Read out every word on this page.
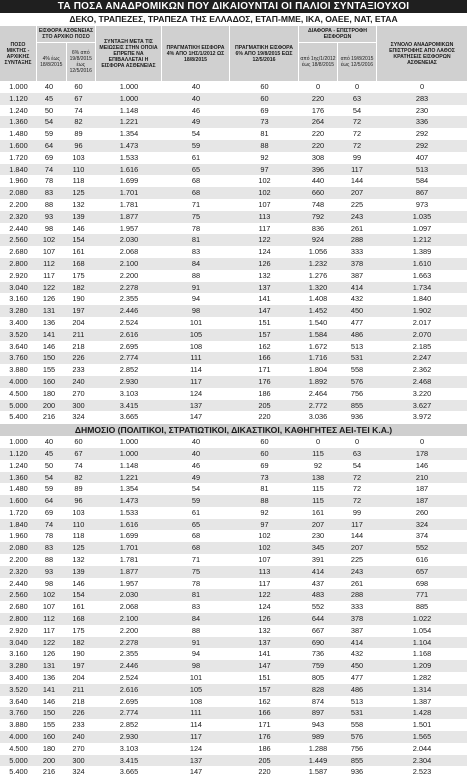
ΤΑ ΠΟΣΑ ΑΝΑΔΡΟΜΙΚΩΝ ΠΟΥ ΔΙΚΑΙΟΥΝΤΑΙ ΟΙ ΠΑΛΙΟΙ ΣΥΝΤΑΞΙΟΥΧΟΙ
ΔΕΚΟ, ΤΡΑΠΕΖΕΣ, ΤΡΑΠΕΖΑ ΤΗΣ ΕΛΛΑΔΟΣ, ΕΤΑΠ-ΜΜΕ, ΙΚΑ, ΟΑΕΕ, ΝΑΤ, ΕΤΑΑ
ΠΟΣΟ ΜΙΚΤΗΣ - ΑΡΧΙΚΗΣ ΣΥΝΤΑΞΗΣ
ΕΙΣΦΟΡΑ ΑΣΘΕΝΕΙΑΣ ΣΤΟ ΑΡΧΙΚΟ ΠΟΣΟ
4% έως 18/8/2015
6% από 19/8/2015 έως 12/5/2016
ΣΥΝΤΑΞΗ ΜΕΤΑ ΤΙΣ ΜΕΙΩΣΕΙΣ ΣΤΗΝ ΟΠΟΙΑ ΕΠΡΕΠΕ ΝΑ ΕΠΙΒΑΛΛΕΤΑΙ Η ΕΙΣΦΟΡΑ ΑΣΘΕΝΕΙΑΣ
ΠΡΑΓΜΑΤΙΚΗ ΕΙΣΦΟΡΑ 4% ΑΠΟ 1ΗΣ/1/2012 ΩΣ 18/8/2015
ΠΡΑΓΜΑΤΙΚΗ ΕΙΣΦΟΡΑ 6% ΑΠΟ 19/8/2015 ΕΩΣ 12/5/2016
ΔΙΑΦΟΡΑ - ΕΠΙΣΤΡΟΦΗ ΕΙΣΦΟΡΩΝ
από 1ης/1/2012 έως 18/8/2015
από 19/8/2015 έως 12/5/2016
ΣΥΝΟΛΟ ΑΝΑΔΡΟΜΙΚΩΝ ΕΠΙΣΤΡΟΦΗΣ ΑΠΟ ΛΑΘΟΣ ΚΡΑΤΗΣΕΙΣ ΕΙΣΦΟΡΩΝ ΑΣΘΕΝΕΙΑΣ
1.000	40	60	1.000	40	60	0	0	0
1.120	45	67	1.000	40	60	220	63	283
1.240	50	74	1.148	46	69	176	54	230
1.360	54	82	1.221	49	73	264	72	336
1.480	59	89	1.354	54	81	220	72	292
1.600	64	96	1.473	59	88	220	72	292
1.720	69	103	1.533	61	92	308	99	407
1.840	74	110	1.616	65	97	396	117	513
1.960	78	118	1.699	68	102	440	144	584
2.080	83	125	1.701	68	102	660	207	867
2.200	88	132	1.781	71	107	748	225	973
2.320	93	139	1.877	75	113	792	243	1.035
2.440	98	146	1.957	78	117	836	261	1.097
2.560	102	154	2.030	81	122	924	288	1.212
2.680	107	161	2.068	83	124	1.056	333	1.389
2.800	112	168	2.100	84	126	1.232	378	1.610
2.920	117	175	2.200	88	132	1.276	387	1.663
3.040	122	182	2.278	91	137	1.320	414	1.734
3.160	126	190	2.355	94	141	1.408	432	1.840
3.280	131	197	2.446	98	147	1.452	450	1.902
3.400	136	204	2.524	101	151	1.540	477	2.017
3.520	141	211	2.616	105	157	1.584	486	2.070
3.640	146	218	2.695	108	162	1.672	513	2.185
3.760	150	226	2.774	111	166	1.716	531	2.247
3.880	155	233	2.852	114	171	1.804	558	2.362
4.000	160	240	2.930	117	176	1.892	576	2.468
4.500	180	270	3.103	124	186	2.464	756	3.220
5.000	200	300	3.415	137	205	2.772	855	3.627
5.400	216	324	3.665	147	220	3.036	936	3.972
ΔΗΜΟΣΙΟ (ΠΟΛΙΤΙΚΟΙ, ΣΤΡΑΤΙΩΤΙΚΟΙ, ΔΙΚΑΣΤΙΚΟΙ, ΚΑΘΗΓΗΤΕΣ ΑΕΙ-ΤΕΙ Κ.Α.)
1.000	40	60	1.000	40	60	0	0	0
1.120	45	67	1.000	40	60	115	63	178
1.240	50	74	1.148	46	69	92	54	146
1.360	54	82	1.221	49	73	138	72	210
1.480	59	89	1.354	54	81	115	72	187
1.600	64	96	1.473	59	88	115	72	187
1.720	69	103	1.533	61	92	161	99	260
1.840	74	110	1.616	65	97	207	117	324
1.960	78	118	1.699	68	102	230	144	374
2.080	83	125	1.701	68	102	345	207	552
2.200	88	132	1.781	71	107	391	225	616
2.320	93	139	1.877	75	113	414	243	657
2.440	98	146	1.957	78	117	437	261	698
2.560	102	154	2.030	81	122	483	288	771
2.680	107	161	2.068	83	124	552	333	885
2.800	112	168	2.100	84	126	644	378	1.022
2.920	117	175	2.200	88	132	667	387	1.054
3.040	122	182	2.278	91	137	690	414	1.104
3.160	126	190	2.355	94	141	736	432	1.168
3.280	131	197	2.446	98	147	759	450	1.209
3.400	136	204	2.524	101	151	805	477	1.282
3.520	141	211	2.616	105	157	828	486	1.314
3.640	146	218	2.695	108	162	874	513	1.387
3.760	150	226	2.774	111	166	897	531	1.428
3.880	155	233	2.852	114	171	943	558	1.501
4.000	160	240	2.930	117	176	989	576	1.565
4.500	180	270	3.103	124	186	1.288	756	2.044
5.000	200	300	3.415	137	205	1.449	855	2.304
5.400	216	324	3.665	147	220	1.587	936	2.523
